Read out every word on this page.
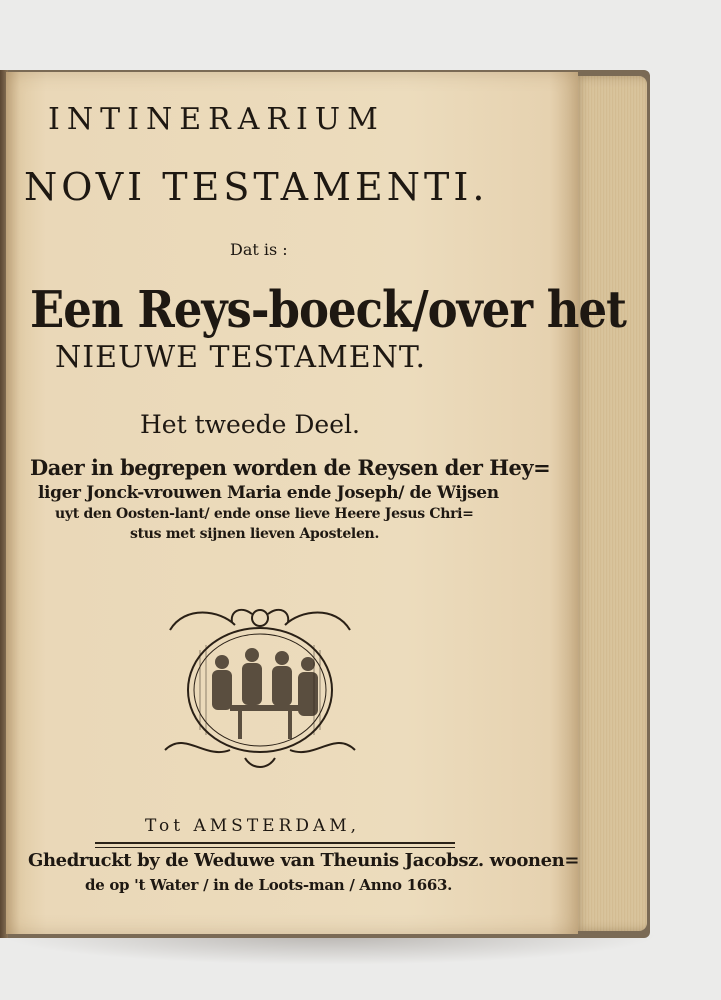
INTINERARIUM
NOVI TESTAMENTI.
Dat is :
Een Reys-boeck/over het
NIEUWE TESTAMENT.
Het tweede Deel.
Daer in begrepen worden de Reysen der Hey=
liger Jonck-vrouwen Maria ende Joseph/ de Wijsen
uyt den Oosten-lant/ ende onse lieve Heere Jesus Chri=
stus met sijnen lieven Apostelen.
Tot AMSTERDAM,
Ghedruckt by de Weduwe van Theunis Jacobsz. woonen=
de op 't Water / in de Loots-man / Anno 1663.
